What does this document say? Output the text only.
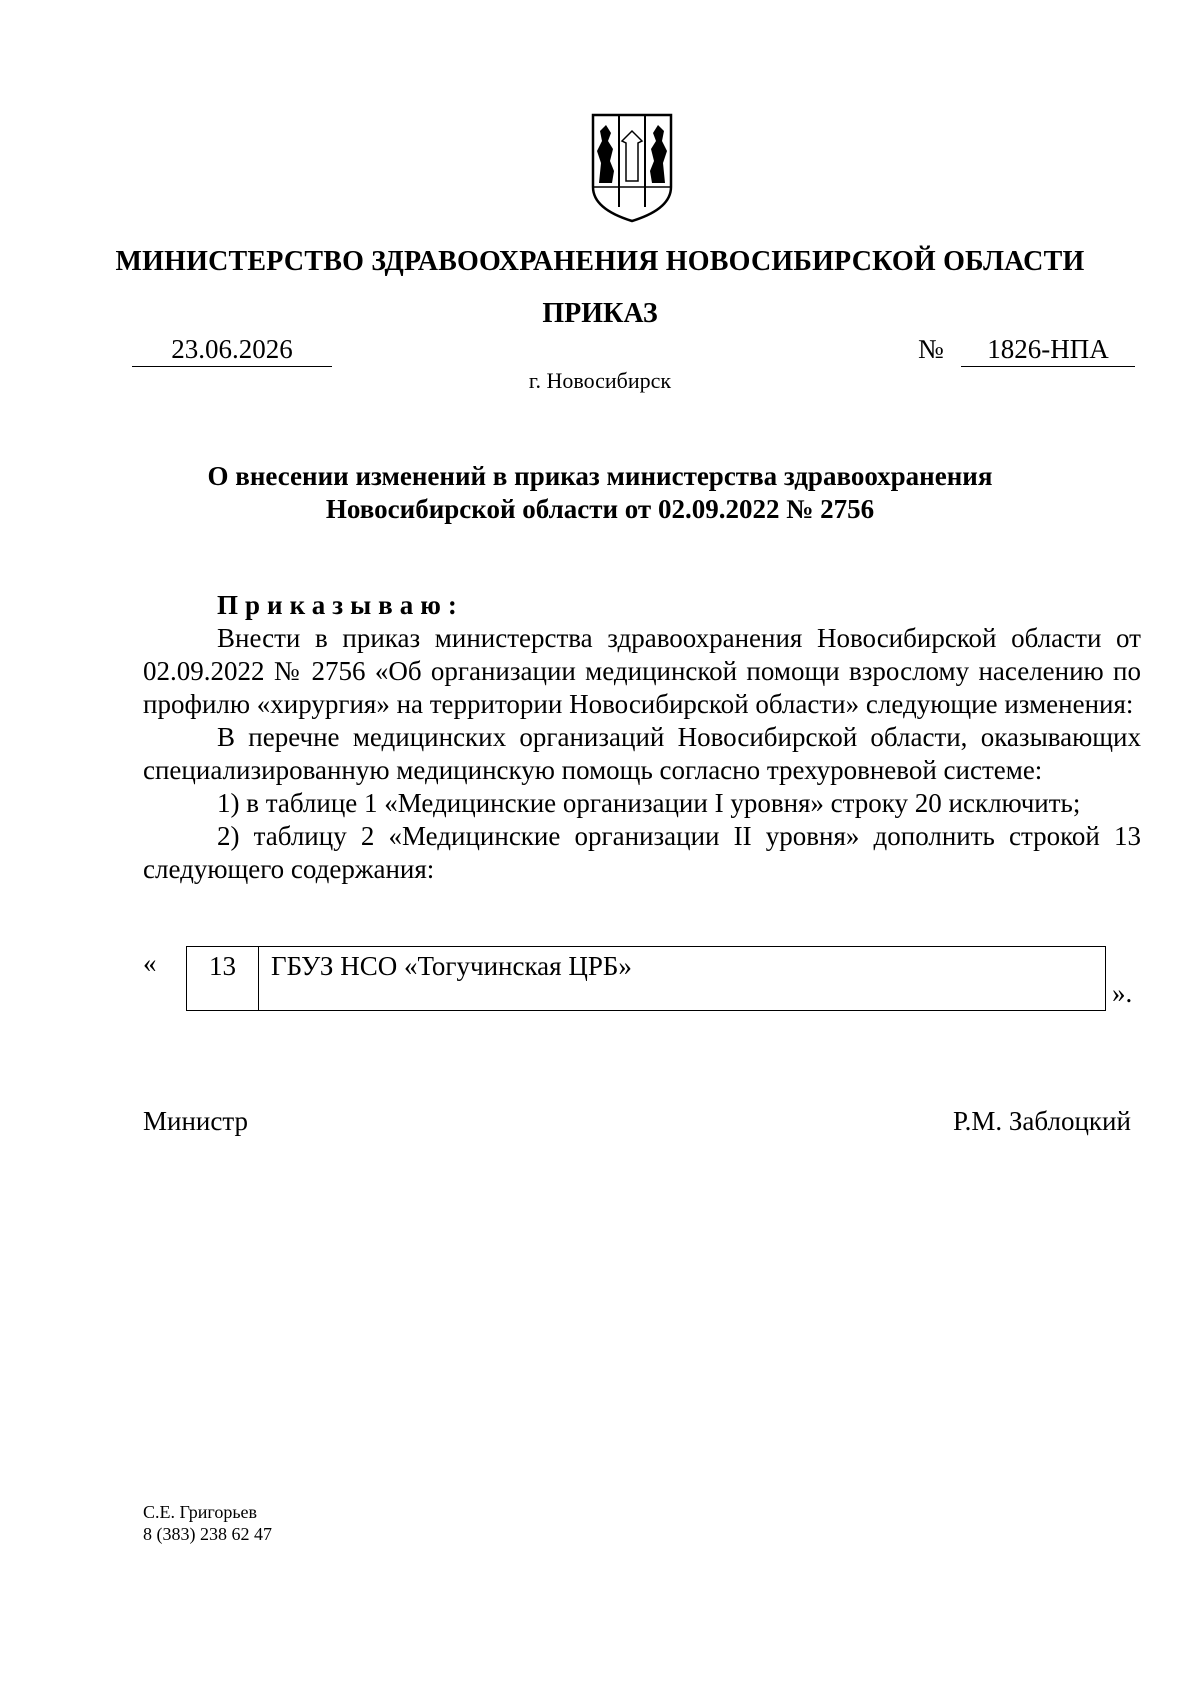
МИНИСТЕРСТВО ЗДРАВООХРАНЕНИЯ НОВОСИБИРСКОЙ ОБЛАСТИ
ПРИКАЗ
23.06.2026	№	1826-НПА
г. Новосибирск
О внесении изменений в приказ министерства здравоохранения
Новосибирской области от 02.09.2022 № 2756
Приказываю:

Внести в приказ министерства здравоохранения Новосибирской области от 02.09.2022 № 2756 «Об организации медицинской помощи взрослому населению по профилю «хирургия» на территории Новосибирской области» следующие изменения:

В перечне медицинских организаций Новосибирской области, оказывающих специализированную медицинскую помощь согласно трехуровневой системе:

1) в таблице 1 «Медицинские организации I уровня» строку 20 исключить;

2) таблицу 2 «Медицинские организации II уровня» дополнить строкой 13 следующего содержания:

«	13	ГБУЗ НСО «Тогучинская ЦРБ»
».
Министр	Р.М. Заблоцкий
С.Е. Григорьев
8 (383) 238 62 47
